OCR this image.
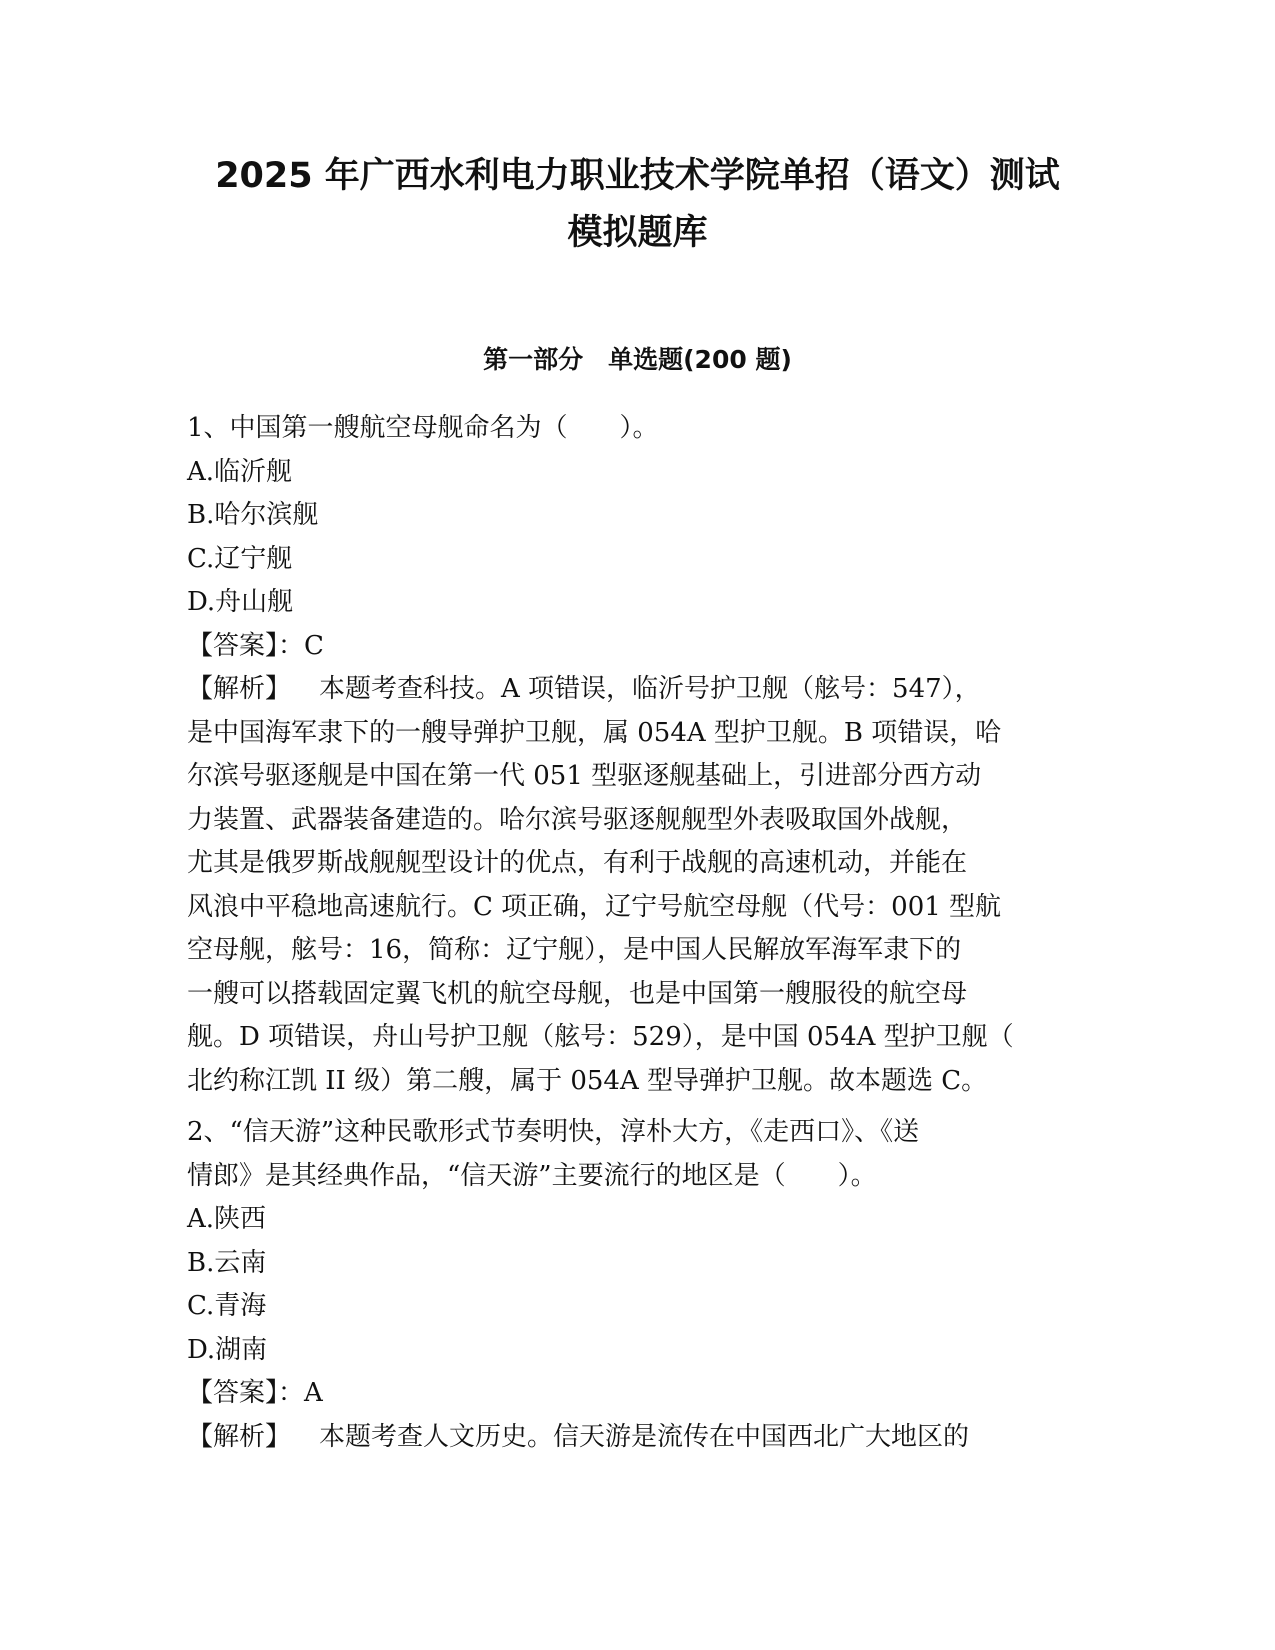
2025 年广西水利电力职业技术学院单招（语文）测试
模拟题库
第一部分　单选题(200 题)
1、中国第一艘航空母舰命名为（　　）。
A.临沂舰
B.哈尔滨舰
C.辽宁舰
D.舟山舰
【答案】：C
【解析】 本题考查科技。A 项错误，临沂号护卫舰（舷号：547），
是中国海军隶下的一艘导弹护卫舰，属 054A 型护卫舰。B 项错误，哈
尔滨号驱逐舰是中国在第一代 051 型驱逐舰基础上，引进部分西方动
力装置、武器装备建造的。哈尔滨号驱逐舰舰型外表吸取国外战舰，
尤其是俄罗斯战舰舰型设计的优点，有利于战舰的高速机动，并能在
风浪中平稳地高速航行。C 项正确，辽宁号航空母舰（代号：001 型航
空母舰，舷号：16，简称：辽宁舰），是中国人民解放军海军隶下的
一艘可以搭载固定翼飞机的航空母舰，也是中国第一艘服役的航空母
舰。D 项错误，舟山号护卫舰（舷号：529），是中国 054A 型护卫舰（
北约称江凯 II 级）第二艘，属于 054A 型导弹护卫舰。故本题选 C。
2、“信天游”这种民歌形式节奏明快，淳朴大方，《走西口》、《送
情郎》是其经典作品，“信天游”主要流行的地区是（　　）。
A.陕西
B.云南
C.青海
D.湖南
【答案】：A
【解析】 本题考查人文历史。信天游是流传在中国西北广大地区的
